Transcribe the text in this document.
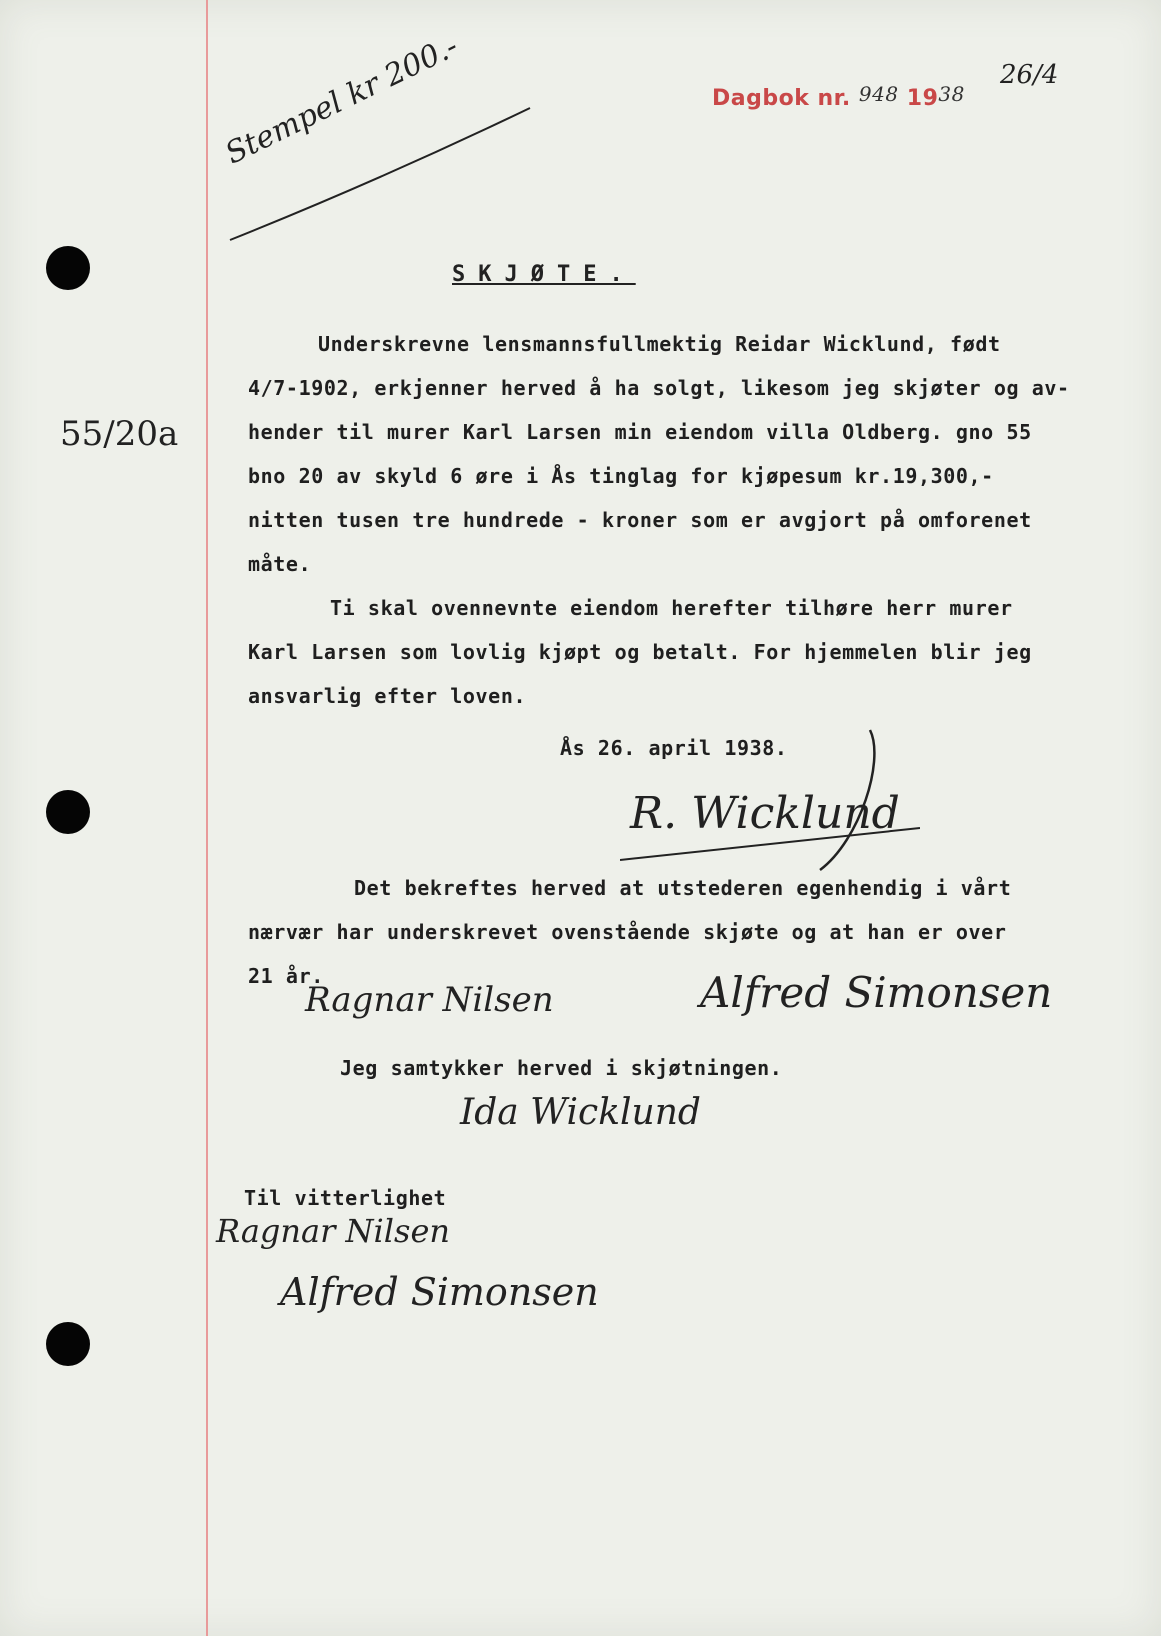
Dagbok nr. 948 1938
26/4
Stempel kr 200.-
55/20a
SKJØTE.
Underskrevne lensmannsfullmektig Reidar Wicklund, født
4/7-1902, erkjenner herved å ha solgt, likesom jeg skjøter og av-
hender til murer Karl Larsen min eiendom villa Oldberg. gno 55
bno 20 av skyld 6 øre i Ås tinglag for kjøpesum kr.19,300,-
nitten tusen tre hundrede - kroner som er avgjort på omforenet
måte.
Ti skal ovennevnte eiendom herefter tilhøre herr murer
Karl Larsen som lovlig kjøpt og betalt. For hjemmelen blir jeg
ansvarlig efter loven.
Ås 26. april 1938.
R. Wicklund
Det bekreftes herved at utstederen egenhendig i vårt
nærvær har underskrevet ovenstående skjøte og at han er over
21 år.
Ragnar Nilsen	Alfred Simonsen
Jeg samtykker herved i skjøtningen.
Ida Wicklund
Til vitterlighet
Ragnar Nilsen
Alfred Simonsen
